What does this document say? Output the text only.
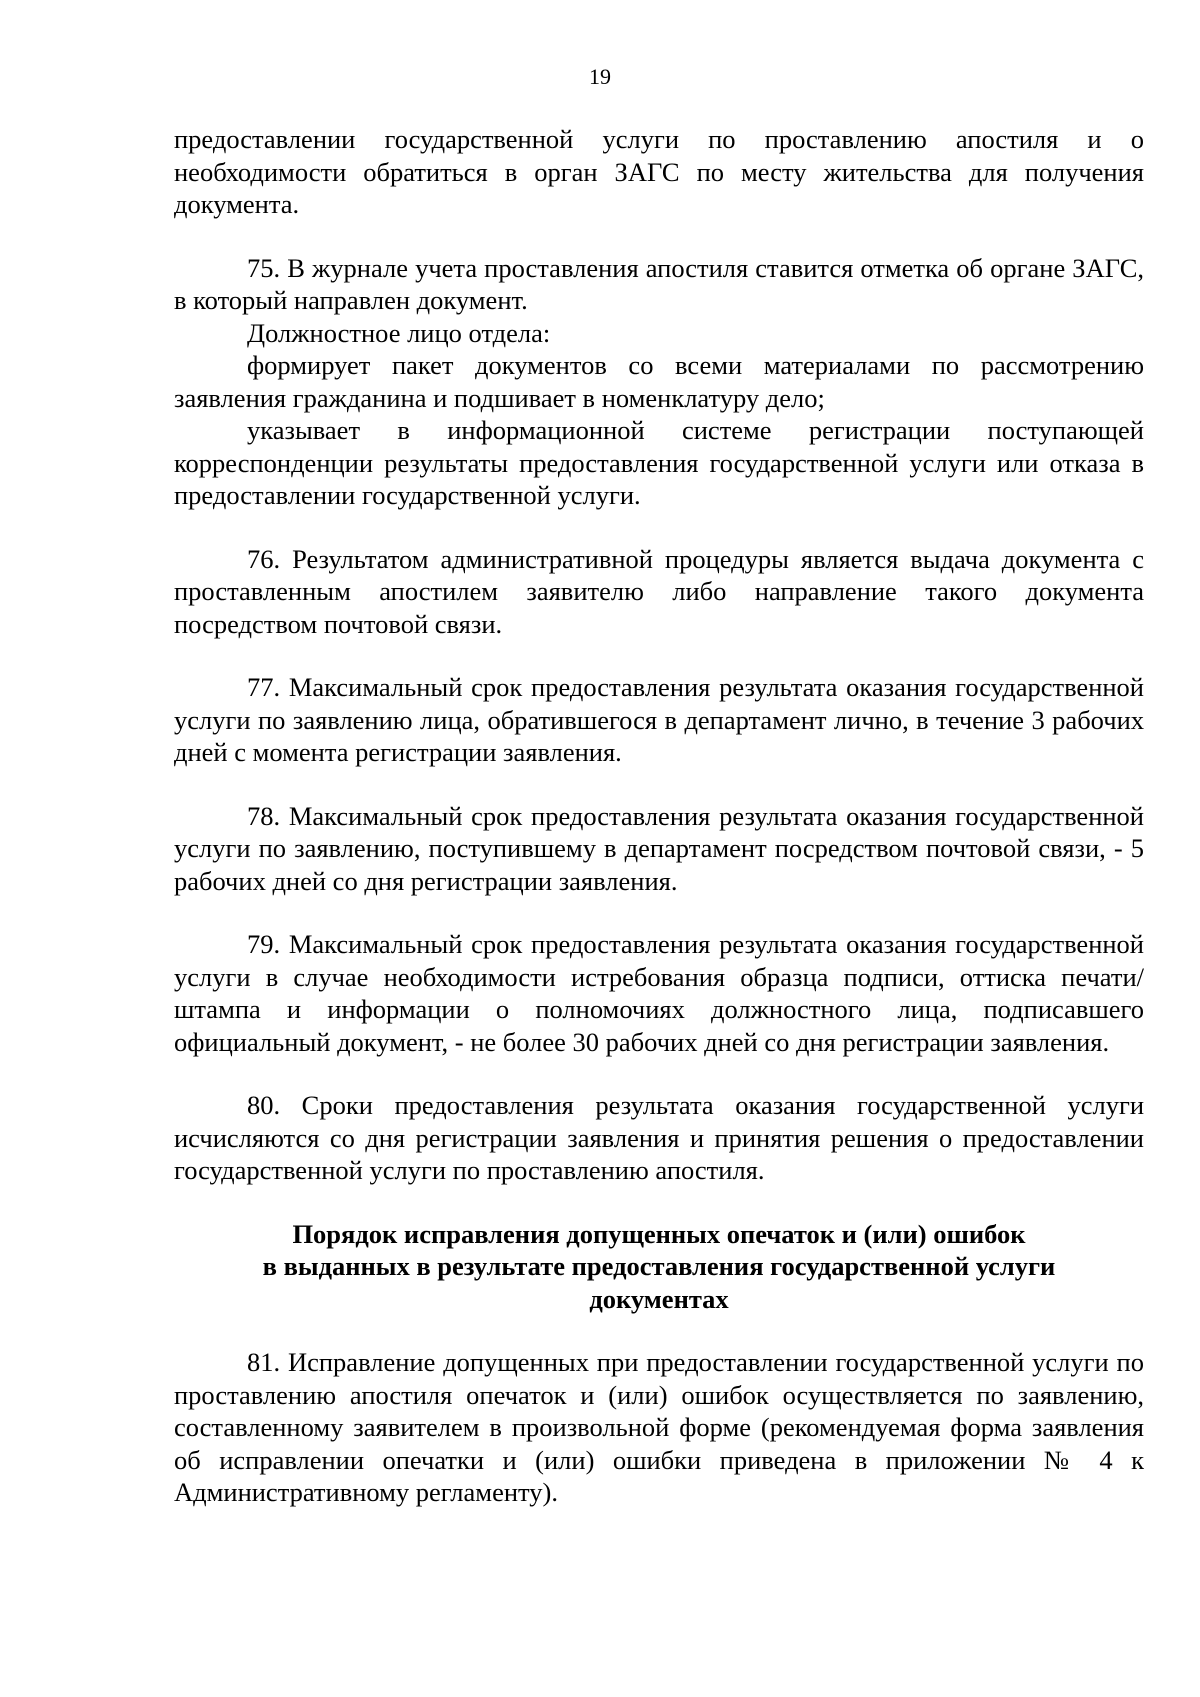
19

предоставлении государственной услуги по проставлению апостиля и о необходимости обратиться в орган ЗАГС по месту жительства для получения документа.

75. В журнале учета проставления апостиля ставится отметка об органе ЗАГС, в который направлен документ.

Должностное лицо отдела:

формирует пакет документов со всеми материалами по рассмотрению заявления гражданина и подшивает в номенклатуру дело;

указывает в информационной системе регистрации поступающей корреспонденции результаты предоставления государственной услуги или отказа в предоставлении государственной услуги.

76. Результатом административной процедуры является выдача документа с проставленным апостилем заявителю либо направление такого документа посредством почтовой связи.

77. Максимальный срок предоставления результата оказания государственной услуги по заявлению лица, обратившегося в департамент лично, в течение 3 рабочих дней с момента регистрации заявления.

78. Максимальный срок предоставления результата оказания государственной услуги по заявлению, поступившему в департамент посредством почтовой связи, - 5 рабочих дней со дня регистрации заявления.

79. Максимальный срок предоставления результата оказания государственной услуги в случае необходимости истребования образца подписи, оттиска печати/штампа и информации о полномочиях должностного лица, подписавшего официальный документ, - не более 30 рабочих дней со дня регистрации заявления.

80. Сроки предоставления результата оказания государственной услуги исчисляются со дня регистрации заявления и принятия решения о предоставлении государственной услуги по проставлению апостиля.

Порядок исправления допущенных опечаток и (или) ошибок
в выданных в результате предоставления государственной услуги
документах

81. Исправление допущенных при предоставлении государственной услуги по проставлению апостиля опечаток и (или) ошибок осуществляется по заявлению, составленному заявителем в произвольной форме (рекомендуемая форма заявления об исправлении опечатки и (или) ошибки приведена в приложении № 4 к Административному регламенту).
